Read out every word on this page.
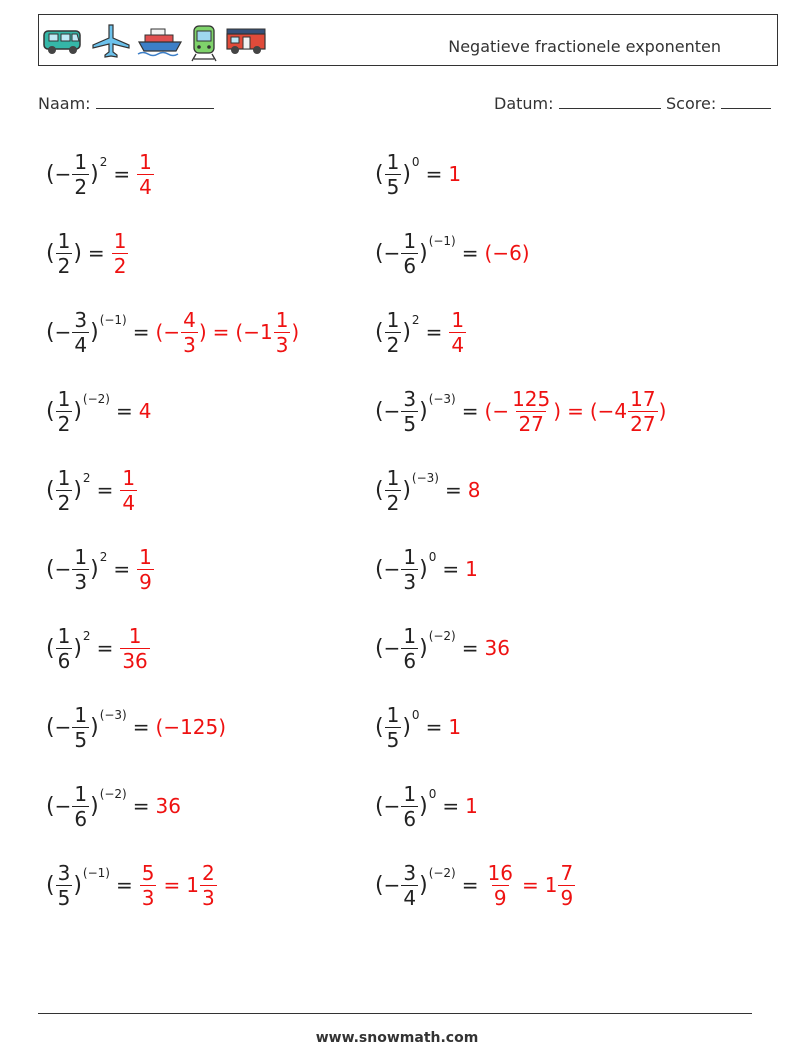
Negatieve fractionele exponenten
Naam:	Datum:	Score:
( − $\frac{1}{2}$ ) $2 = \frac{1}{4}$	( $\frac{1}{5}$ ) 0 = 1
( $\frac{1}{2}$ ) = $\frac{1}{2}$	( − $\frac{1}{6}$ ) (−1) = (−6)
( − $\frac{3}{4}$ ) (−1) = (− $\frac{4}{3}$ ) = ($-1 \frac{1}{3}$ )	( $\frac{1}{2}$ ) $2 = \frac{1}{4}$
( $\frac{1}{2}$ ) (−2) = 4	( − $\frac{3}{5}$ ) (−3) = (− $\frac{125}{27}$ ) = ($-4 \frac{17}{27}$ )
( $\frac{1}{2}$ ) $2 = \frac{1}{4}$	( $\frac{1}{2}$ ) (−3) = 8
( − $\frac{1}{3}$ ) $2 = \frac{1}{9}$	( − $\frac{1}{3}$ ) 0 = 1
( $\frac{1}{6}$ ) $2 = \frac{1}{36}$	( − $\frac{1}{6}$ ) (−2) = 36
( − $\frac{1}{5}$ ) (−3) = (−125)	( $\frac{1}{5}$ ) 0 = 1
( − $\frac{1}{6}$ ) (−2) = 36	( − $\frac{1}{6}$ ) 0 = 1
( $\frac{3}{5}$ ) $(-1) = \frac{5}{3} = 1 \frac{2}{3}$	( − $\frac{3}{4}$ ) $(-2) = \frac{16}{9} = 1 \frac{7}{9}$
www.snowmath.com
